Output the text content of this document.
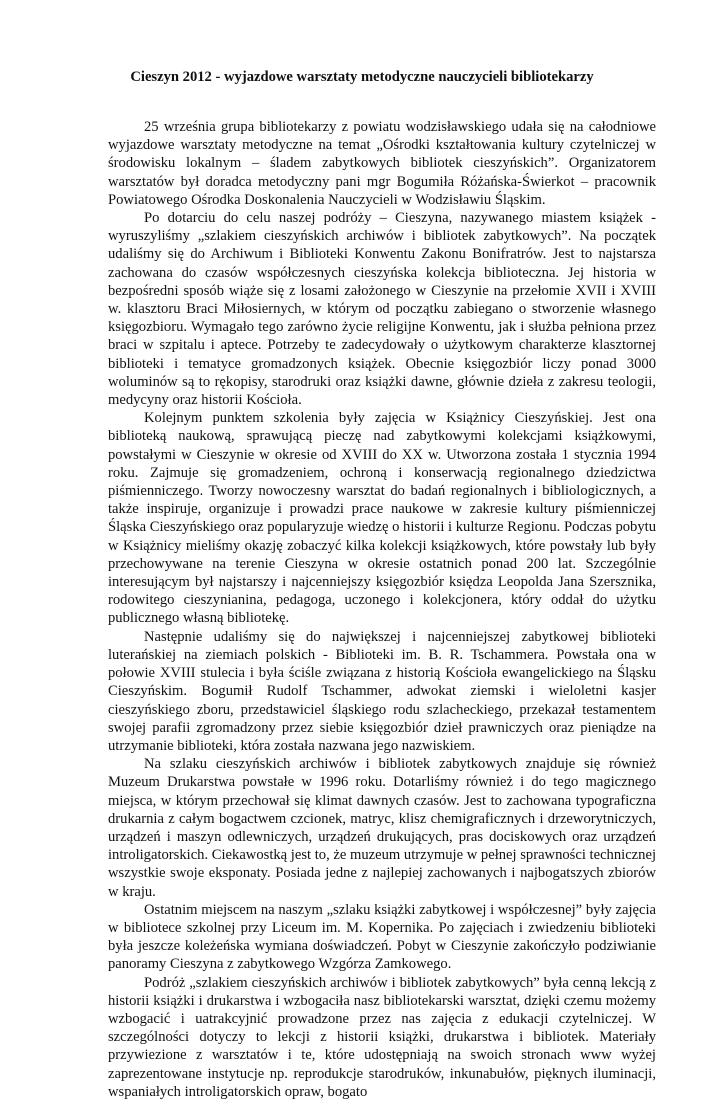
Cieszyn 2012 - wyjazdowe warsztaty metodyczne nauczycieli bibliotekarzy

25 września grupa bibliotekarzy z powiatu wodzisławskiego udała się na całodniowe wyjazdowe warsztaty metodyczne na temat „Ośrodki kształtowania kultury czytelniczej w środowisku lokalnym – śladem zabytkowych bibliotek cieszyńskich”. Organizatorem warsztatów był doradca metodyczny pani mgr Bogumiła Różańska-Świerkot – pracownik Powiatowego Ośrodka Doskonalenia Nauczycieli w Wodzisławiu Śląskim.

Po dotarciu do celu naszej podróży – Cieszyna, nazywanego miastem książek - wyruszyliśmy „szlakiem cieszyńskich archiwów i bibliotek zabytkowych”. Na początek udaliśmy się do Archiwum i Biblioteki Konwentu Zakonu Bonifratrów. Jest to najstarsza zachowana do czasów współczesnych cieszyńska kolekcja biblioteczna. Jej historia w bezpośredni sposób wiąże się z losami założonego w Cieszynie na przełomie XVII i XVIII w. klasztoru Braci Miłosiernych, w którym od początku zabiegano o stworzenie własnego księgozbioru. Wymagało tego zarówno życie religijne Konwentu, jak i służba pełniona przez braci w szpitalu i aptece. Potrzeby te zadecydowały o użytkowym charakterze klasztornej biblioteki i tematyce gromadzonych książek. Obecnie księgozbiór liczy ponad 3000 woluminów są to rękopisy, starodruki oraz książki dawne, głównie dzieła z zakresu teologii, medycyny oraz historii Kościoła.

Kolejnym punktem szkolenia były zajęcia w Książnicy Cieszyńskiej. Jest ona biblioteką naukową, sprawującą pieczę nad zabytkowymi kolekcjami książkowymi, powstałymi w Cieszynie w okresie od XVIII do XX w. Utworzona została 1 stycznia 1994 roku. Zajmuje się gromadzeniem, ochroną i konserwacją regionalnego dziedzictwa piśmienniczego. Tworzy nowoczesny warsztat do badań regionalnych i bibliologicznych, a także inspiruje, organizuje i prowadzi prace naukowe w zakresie kultury piśmienniczej Śląska Cieszyńskiego oraz popularyzuje wiedzę o historii i kulturze Regionu. Podczas pobytu w Książnicy mieliśmy okazję zobaczyć kilka kolekcji książkowych, które powstały lub były przechowywane na terenie Cieszyna w okresie ostatnich ponad 200 lat. Szczególnie interesującym był najstarszy i najcenniejszy księgozbiór księdza Leopolda Jana Szersznika, rodowitego cieszynianina, pedagoga, uczonego i kolekcjonera, który oddał do użytku publicznego własną bibliotekę.

Następnie udaliśmy się do największej i najcenniejszej zabytkowej biblioteki luterańskiej na ziemiach polskich - Biblioteki im. B. R. Tschammera. Powstała ona w połowie XVIII stulecia i była ściśle związana z historią Kościoła ewangelickiego na Śląsku Cieszyńskim. Bogumił Rudolf Tschammer, adwokat ziemski i wieloletni kasjer cieszyńskiego zboru, przedstawiciel śląskiego rodu szlacheckiego, przekazał testamentem swojej parafii zgromadzony przez siebie księgozbiór dzieł prawniczych oraz pieniądze na utrzymanie biblioteki, która została nazwana jego nazwiskiem.

Na szlaku cieszyńskich archiwów i bibliotek zabytkowych znajduje się również Muzeum Drukarstwa powstałe w 1996 roku. Dotarliśmy również i do tego magicznego miejsca, w którym przechował się klimat dawnych czasów. Jest to zachowana typograficzna drukarnia z całym bogactwem czcionek, matryc, klisz chemigraficznych i drzeworytniczych, urządzeń i maszyn odlewniczych, urządzeń drukujących, pras dociskowych oraz urządzeń introligatorskich. Ciekawostką jest to, że muzeum utrzymuje w pełnej sprawności technicznej wszystkie swoje eksponaty. Posiada jedne z najlepiej zachowanych i najbogatszych zbiorów w kraju.

Ostatnim miejscem na naszym „szlaku książki zabytkowej i współczesnej” były zajęcia w bibliotece szkolnej przy Liceum im. M. Kopernika. Po zajęciach i zwiedzeniu biblioteki była jeszcze koleżeńska wymiana doświadczeń. Pobyt w Cieszynie zakończyło podziwianie panoramy Cieszyna z zabytkowego Wzgórza Zamkowego.

Podróż „szlakiem cieszyńskich archiwów i bibliotek zabytkowych” była cenną lekcją z historii książki i drukarstwa i wzbogaciła nasz bibliotekarski warsztat, dzięki czemu możemy wzbogacić i uatrakcyjnić prowadzone przez nas zajęcia z edukacji czytelniczej. W szczególności dotyczy to lekcji z historii książki, drukarstwa i bibliotek. Materiały przywiezione z warsztatów i te, które udostępniają na swoich stronach www wyżej zaprezentowane instytucje np. reprodukcje starodruków, inkunabułów, pięknych iluminacji, wspaniałych introligatorskich opraw, bogato
